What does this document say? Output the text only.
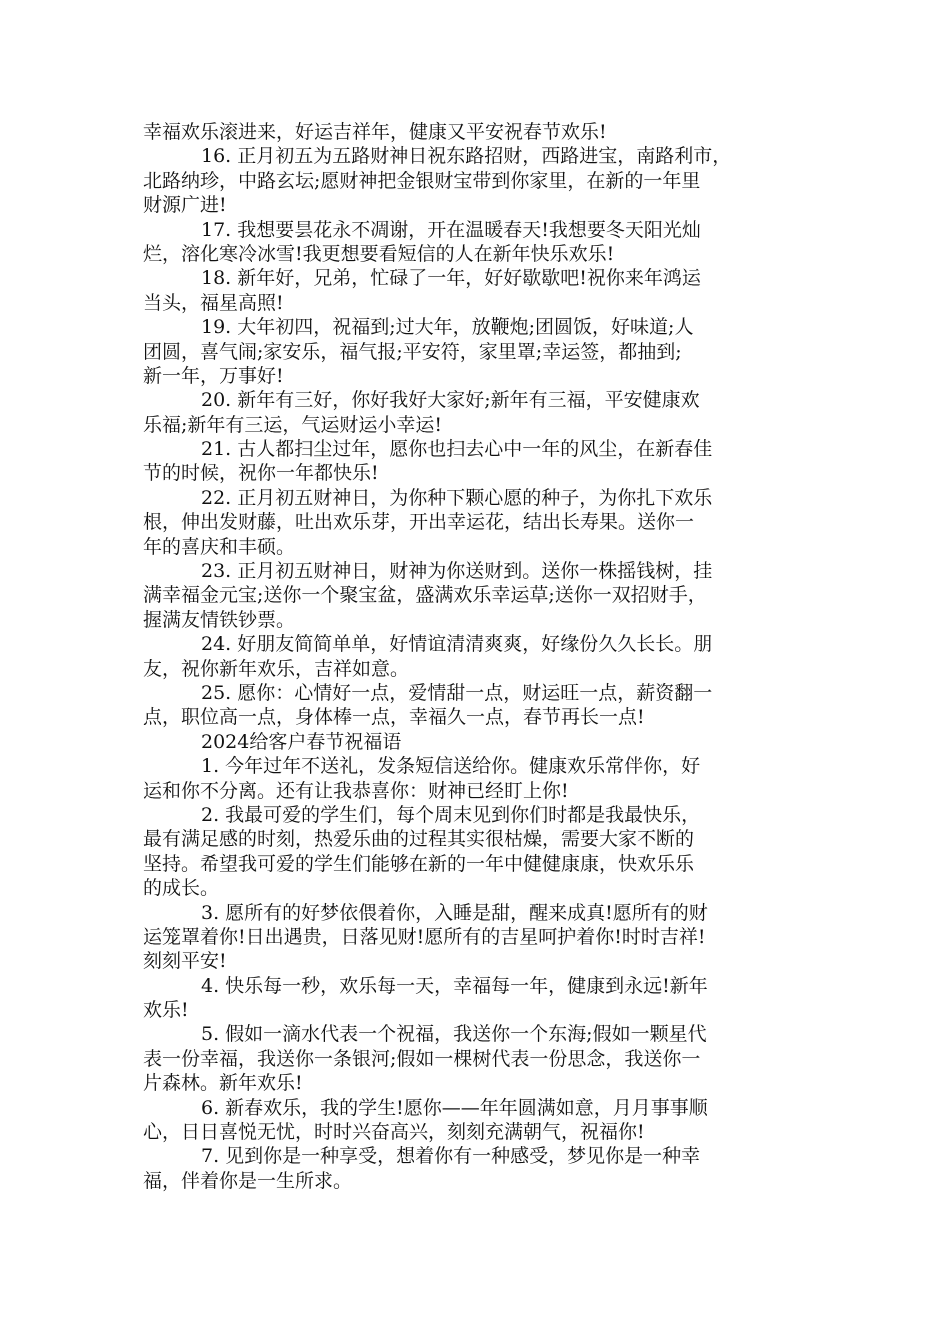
幸福欢乐滚进来，好运吉祥年，健康又平安祝春节欢乐!
16. 正月初五为五路财神日祝东路招财，西路进宝，南路利市，
北路纳珍，中路玄坛;愿财神把金银财宝带到你家里，在新的一年里
财源广进!
17. 我想要昙花永不凋谢，开在温暖春天!我想要冬天阳光灿
烂，溶化寒冷冰雪!我更想要看短信的人在新年快乐欢乐!
18. 新年好，兄弟，忙碌了一年，好好歇歇吧!祝你来年鸿运
当头，福星高照!
19. 大年初四，祝福到;过大年，放鞭炮;团圆饭，好味道;人
团圆，喜气闹;家安乐，福气报;平安符，家里罩;幸运签，都抽到;
新一年，万事好!
20. 新年有三好，你好我好大家好;新年有三福，平安健康欢
乐福;新年有三运，气运财运小幸运!
21. 古人都扫尘过年，愿你也扫去心中一年的风尘，在新春佳
节的时候，祝你一年都快乐!
22. 正月初五财神日，为你种下颗心愿的种子，为你扎下欢乐
根，伸出发财藤，吐出欢乐芽，开出幸运花，结出长寿果。送你一
年的喜庆和丰硕。
23. 正月初五财神日，财神为你送财到。送你一株摇钱树，挂
满幸福金元宝;送你一个聚宝盆，盛满欢乐幸运草;送你一双招财手，
握满友情铁钞票。
24. 好朋友简简单单，好情谊清清爽爽，好缘份久久长长。朋
友，祝你新年欢乐，吉祥如意。
25. 愿你：心情好一点，爱情甜一点，财运旺一点，薪资翻一
点，职位高一点，身体棒一点，幸福久一点，春节再长一点!
2024给客户春节祝福语
1. 今年过年不送礼，发条短信送给你。健康欢乐常伴你，好
运和你不分离。还有让我恭喜你：财神已经盯上你!
2. 我最可爱的学生们，每个周末见到你们时都是我最快乐，
最有满足感的时刻，热爱乐曲的过程其实很枯燥，需要大家不断的
坚持。希望我可爱的学生们能够在新的一年中健健康康，快欢乐乐
的成长。
3. 愿所有的好梦依偎着你，入睡是甜，醒来成真!愿所有的财
运笼罩着你!日出遇贵，日落见财!愿所有的吉星呵护着你!时时吉祥!
刻刻平安!
4. 快乐每一秒，欢乐每一天，幸福每一年，健康到永远!新年
欢乐!
5. 假如一滴水代表一个祝福，我送你一个东海;假如一颗星代
表一份幸福，我送你一条银河;假如一棵树代表一份思念，我送你一
片森林。新年欢乐!
6. 新春欢乐，我的学生!愿你——年年圆满如意，月月事事顺
心，日日喜悦无忧，时时兴奋高兴，刻刻充满朝气，祝福你!
7. 见到你是一种享受，想着你有一种感受，梦见你是一种幸
福，伴着你是一生所求。
